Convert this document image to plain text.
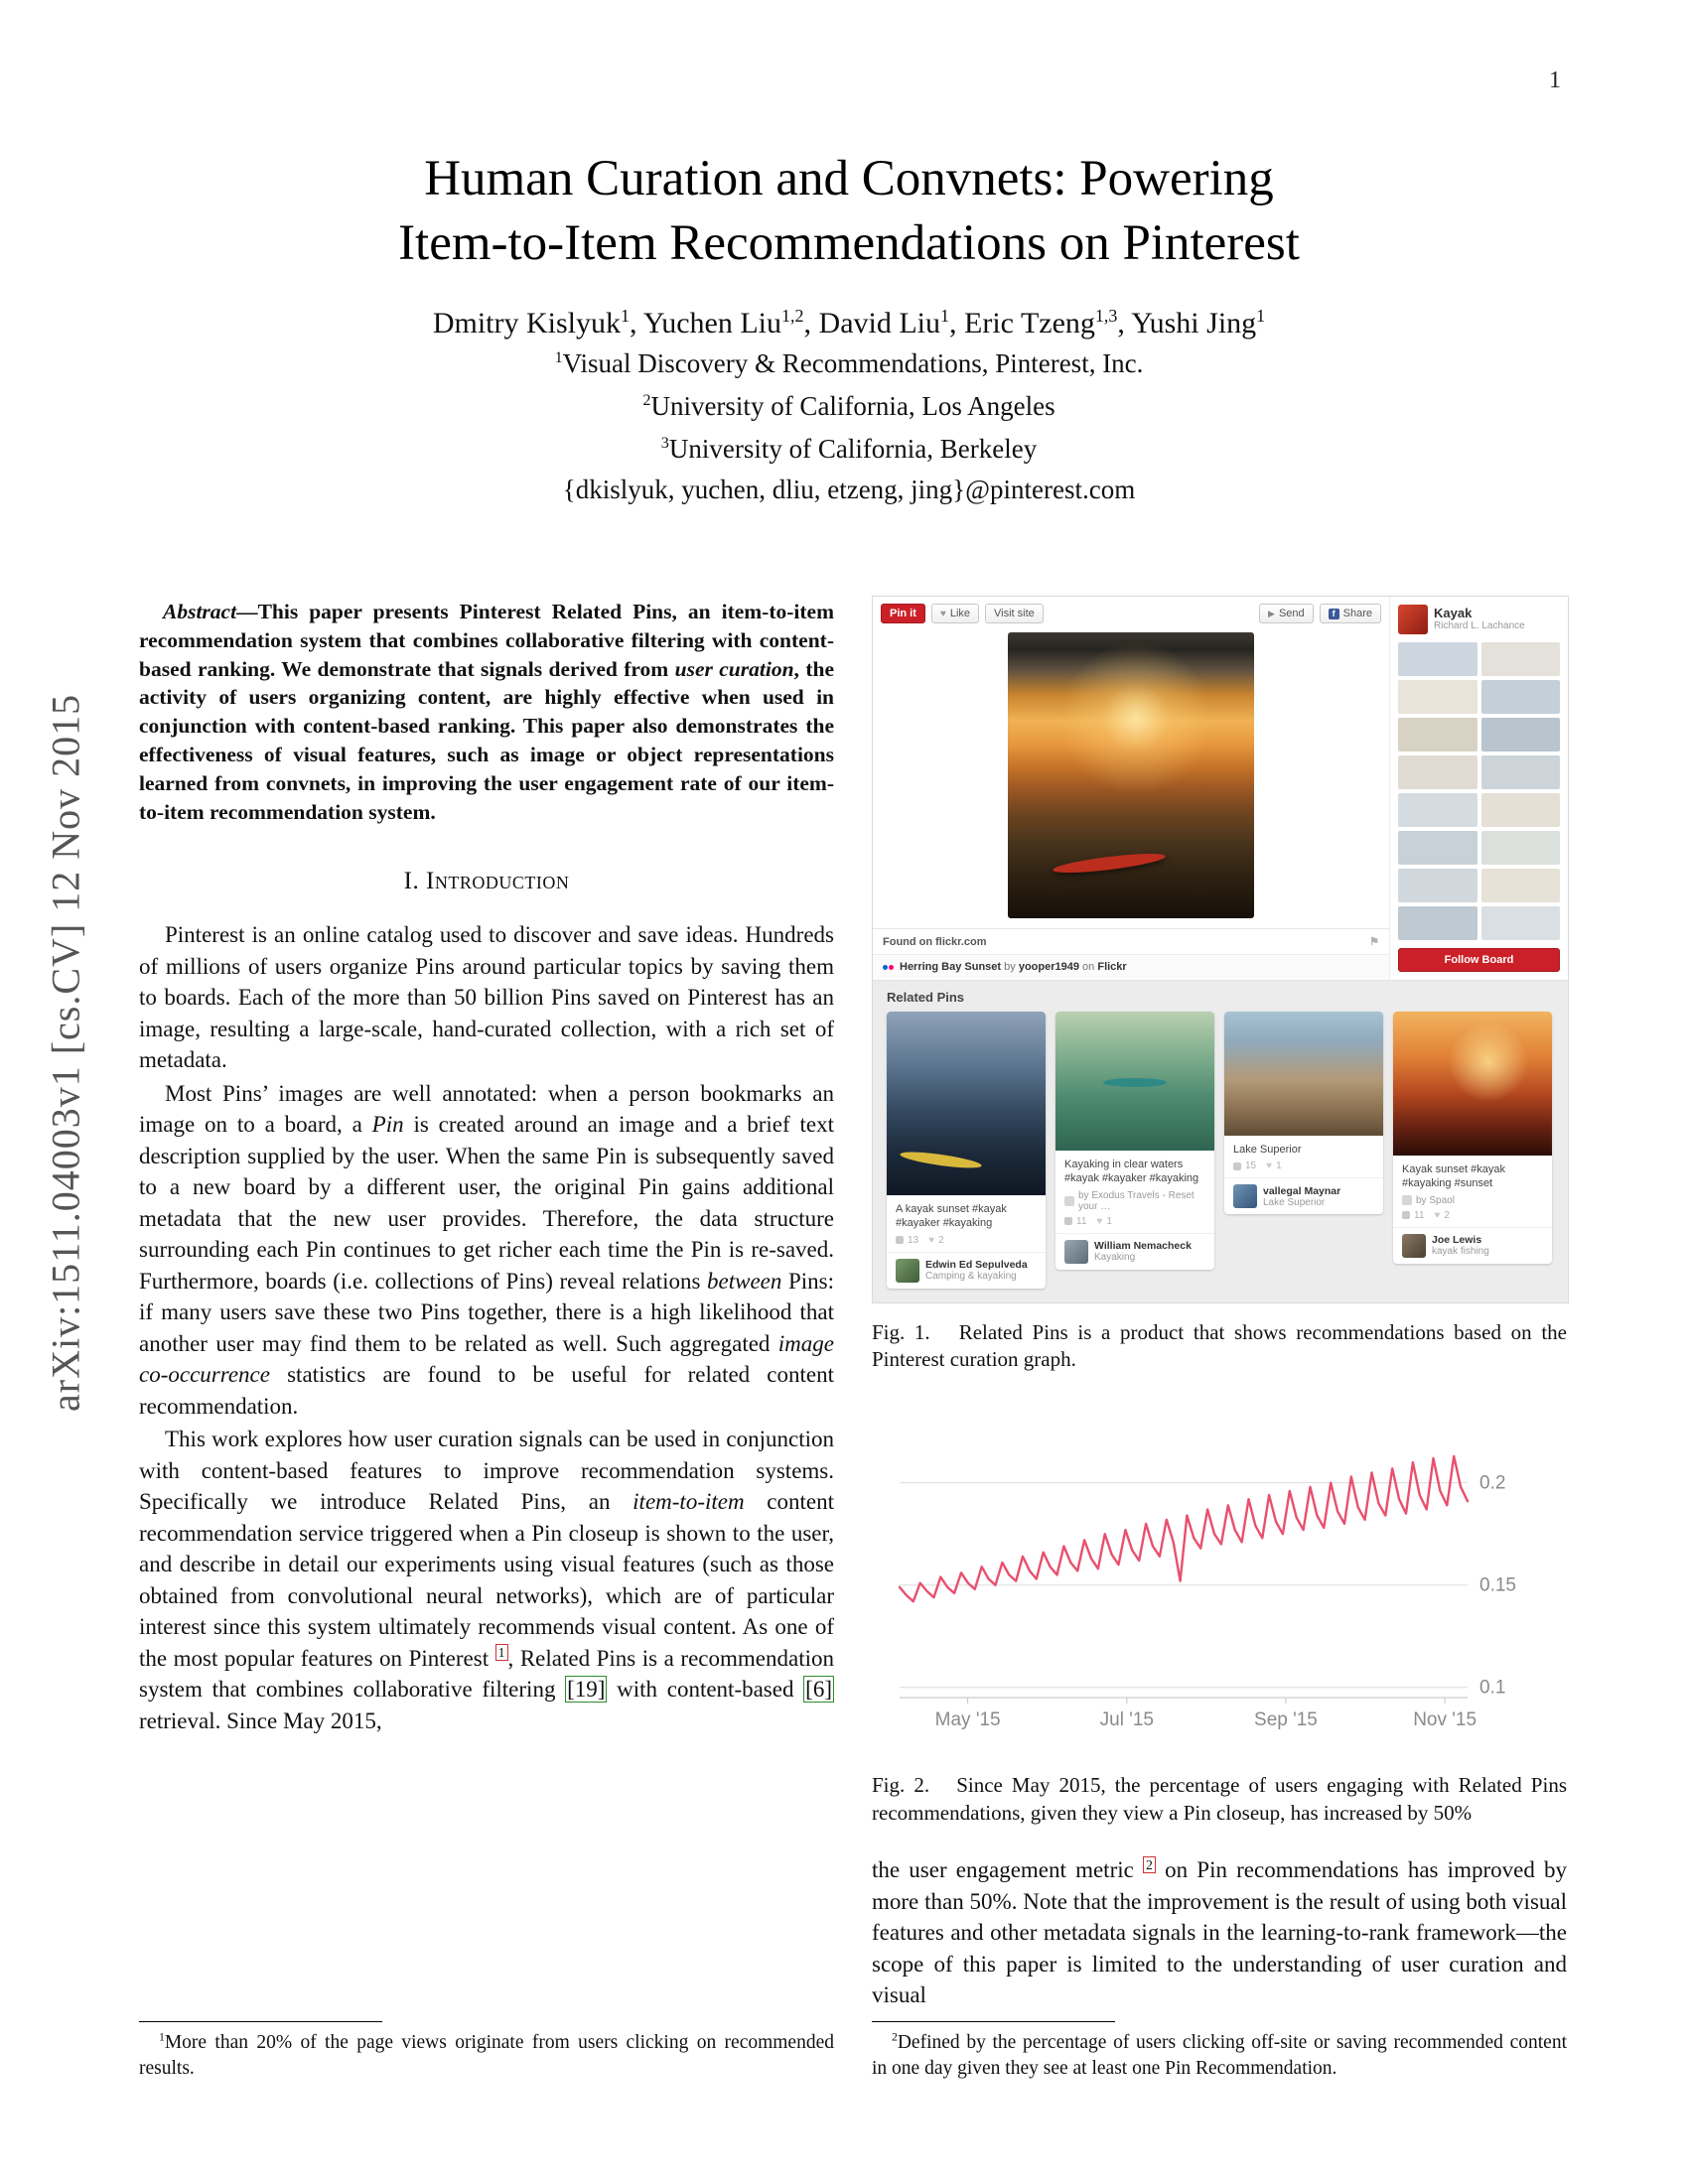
1
arXiv:1511.04003v1 [cs.CV] 12 Nov 2015
Human Curation and Convnets: Powering
Item-to-Item Recommendations on Pinterest
Dmitry Kislyuk$^1$, Yuchen Liu$^{1,2}$, David Liu$^1$, Eric Tzeng$^{1,3}$, Yushi Jing$^1$
$^1$Visual Discovery & Recommendations, Pinterest, Inc.
$^2$University of California, Los Angeles
$^3$University of California, Berkeley
{dkislyuk, yuchen, dliu, etzeng, jing}@pinterest.com

Abstract—This paper presents Pinterest Related Pins, an item-to-item recommendation system that combines collaborative filtering with content-based ranking. We demonstrate that signals derived from user curation, the activity of users organizing content, are highly effective when used in conjunction with content-based ranking. This paper also demonstrates the effectiveness of visual features, such as image or object representations learned from convnets, in improving the user engagement rate of our item-to-item recommendation system.

I. Introduction

Pinterest is an online catalog used to discover and save ideas. Hundreds of millions of users organize Pins around particular topics by saving them to boards. Each of the more than 50 billion Pins saved on Pinterest has an image, resulting a large-scale, hand-curated collection, with a rich set of metadata.

Most Pins’ images are well annotated: when a person bookmarks an image on to a board, a Pin is created around an image and a brief text description supplied by the user. When the same Pin is subsequently saved to a new board by a different user, the original Pin gains additional metadata that the new user provides. Therefore, the data structure surrounding each Pin continues to get richer each time the Pin is re-saved. Furthermore, boards (i.e. collections of Pins) reveal relations between Pins: if many users save these two Pins together, there is a high likelihood that another user may find them to be related as well. Such aggregated image co-occurrence statistics are found to be useful for related content recommendation.

This work explores how user curation signals can be used in conjunction with content-based features to improve recommendation systems. Specifically we introduce Related Pins, an item-to-item content recommendation service triggered when a Pin closeup is shown to the user, and describe in detail our experiments using visual features (such as those obtained from convolutional neural networks), which are of particular interest since this system ultimately recommends visual content. As one of the most popular features on Pinterest $^1$ , Related Pins is a recommendation system that combines collaborative filtering [19] with content-based [6] retrieval. Since May 2015,

$^1$More than 20% of the page views originate from users clicking on recommended results.

Pin it ♥ Like Visit site	▶ Send	f Share
Found on flickr.com	⚑
Herring Bay Sunset by yooper1949 on Flickr
Kayak
Richard L. Lachance
Follow Board
Related Pins
A kayak sunset #kayak #kayaker #kayaking
13 ♥ 2
Edwin Ed Sepulveda
Camping & kayaking
Kayaking in clear waters #kayak #kayaker #kayaking
by Exodus Travels - Reset your …
11 ♥ 1
William Nemacheck
Kayaking
Lake Superior
15 ♥ 1
vallegal Maynar
Lake Superior
Kayak sunset #kayak #kayaking #sunset
by Spaol
11 ♥ 2
Joe Lewis
kayak fishing
Fig. 1.   Related Pins is a product that shows recommendations based on the Pinterest curation graph.
0.2
0.15
0.1
May '15	Jul '15	Sep '15	Nov '15
Fig. 2.   Since May 2015, the percentage of users engaging with Related Pins recommendations, given they view a Pin closeup, has increased by 50%

the user engagement metric $^2$ on Pin recommendations has improved by more than 50%. Note that the improvement is the result of using both visual features and other metadata signals in the learning-to-rank framework—the scope of this paper is limited to the understanding of user curation and visual

$^2$Defined by the percentage of users clicking off-site or saving recommended content in one day given they see at least one Pin Recommendation.
